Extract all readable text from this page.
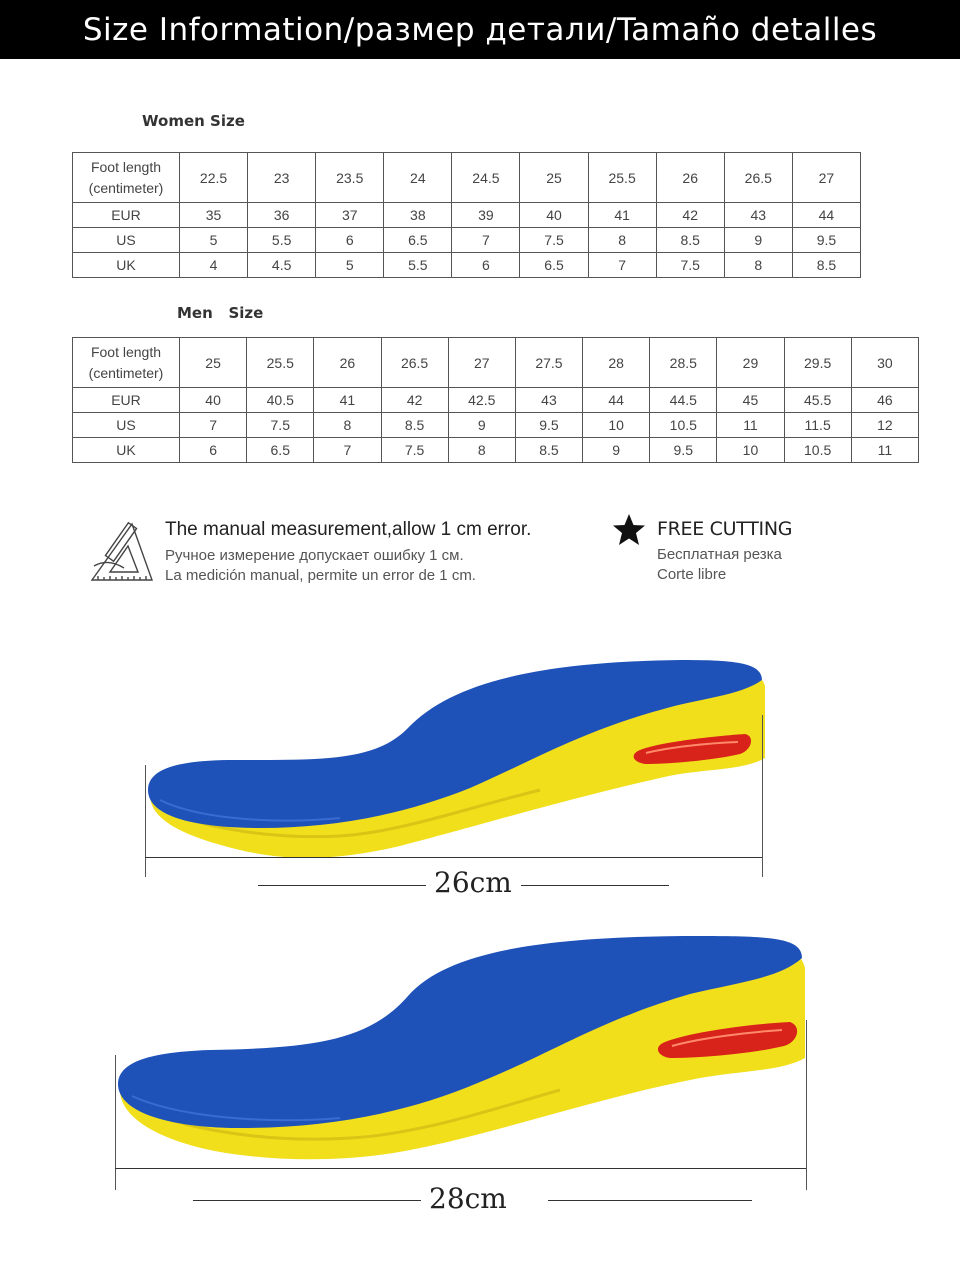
Size Information/размер детали/Tamaño detalles
Women Size
Foot length
(centimeter)	22.5	23	23.5	24	24.5	25	25.5	26	26.5	27
EUR	35	36	37	38	39	40	41	42	43	44
US	5	5.5	6	6.5	7	7.5	8	8.5	9	9.5
UK	4	4.5	5	5.5	6	6.5	7	7.5	8	8.5
Men   Size
Foot length
(centimeter)	25	25.5	26	26.5	27	27.5	28	28.5	29	29.5	30
EUR	40	40.5	41	42	42.5	43	44	44.5	45	45.5	46
US	7	7.5	8	8.5	9	9.5	10	10.5	11	11.5	12
UK	6	6.5	7	7.5	8	8.5	9	9.5	10	10.5	11
The manual measurement,allow 1 cm error.
Ручное измерение допускает ошибку 1 см.
La medición manual, permite un error de 1 cm.
FREE CUTTING
Бесплатная резка
Corte libre
26cm
28cm
